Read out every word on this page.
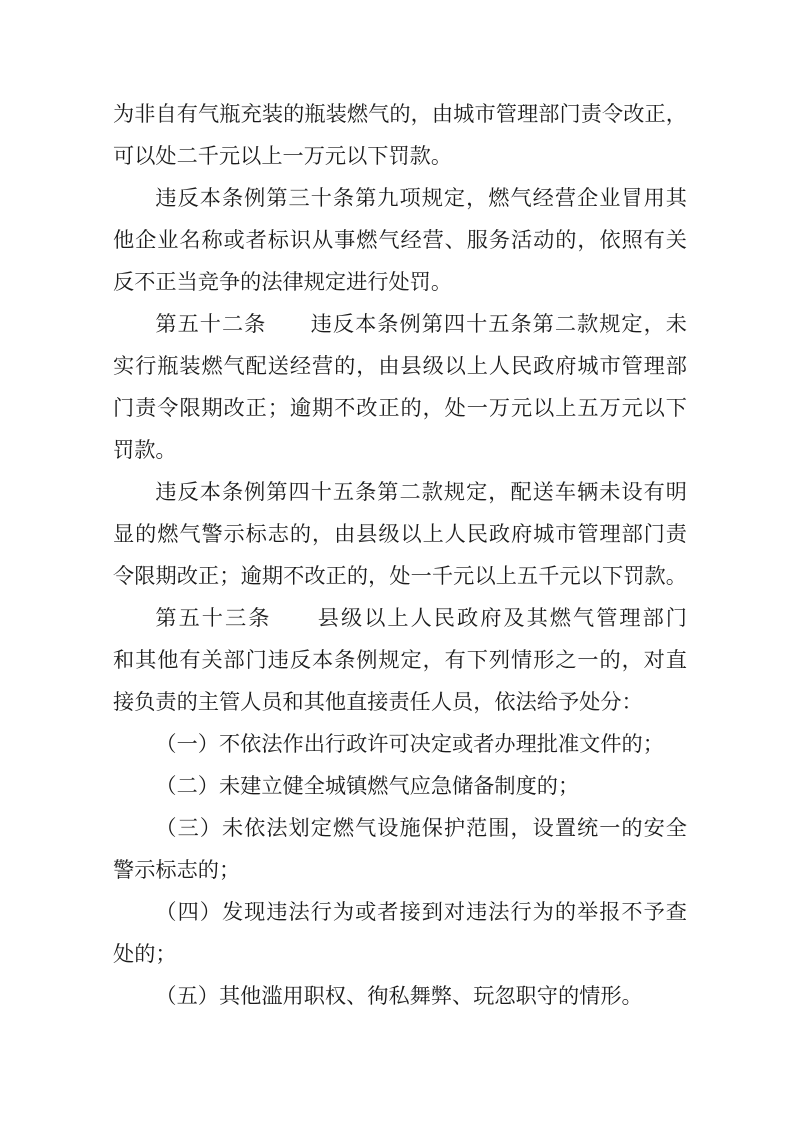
为非自有气瓶充装的瓶装燃气的，由城市管理部门责令改正，
可以处二千元以上一万元以下罚款。

违反本条例第三十条第九项规定，燃气经营企业冒用其
他企业名称或者标识从事燃气经营、服务活动的，依照有关
反不正当竞争的法律规定进行处罚。

第五十二条　　违反本条例第四十五条第二款规定，未
实行瓶装燃气配送经营的，由县级以上人民政府城市管理部
门责令限期改正；逾期不改正的，处一万元以上五万元以下
罚款。

违反本条例第四十五条第二款规定，配送车辆未设有明
显的燃气警示标志的，由县级以上人民政府城市管理部门责
令限期改正；逾期不改正的，处一千元以上五千元以下罚款。

第五十三条　　县级以上人民政府及其燃气管理部门
和其他有关部门违反本条例规定，有下列情形之一的，对直
接负责的主管人员和其他直接责任人员，依法给予处分：

（一）不依法作出行政许可决定或者办理批准文件的；

（二）未建立健全城镇燃气应急储备制度的；

（三）未依法划定燃气设施保护范围，设置统一的安全
警示标志的；

（四）发现违法行为或者接到对违法行为的举报不予查
处的；

（五）其他滥用职权、徇私舞弊、玩忽职守的情形。
